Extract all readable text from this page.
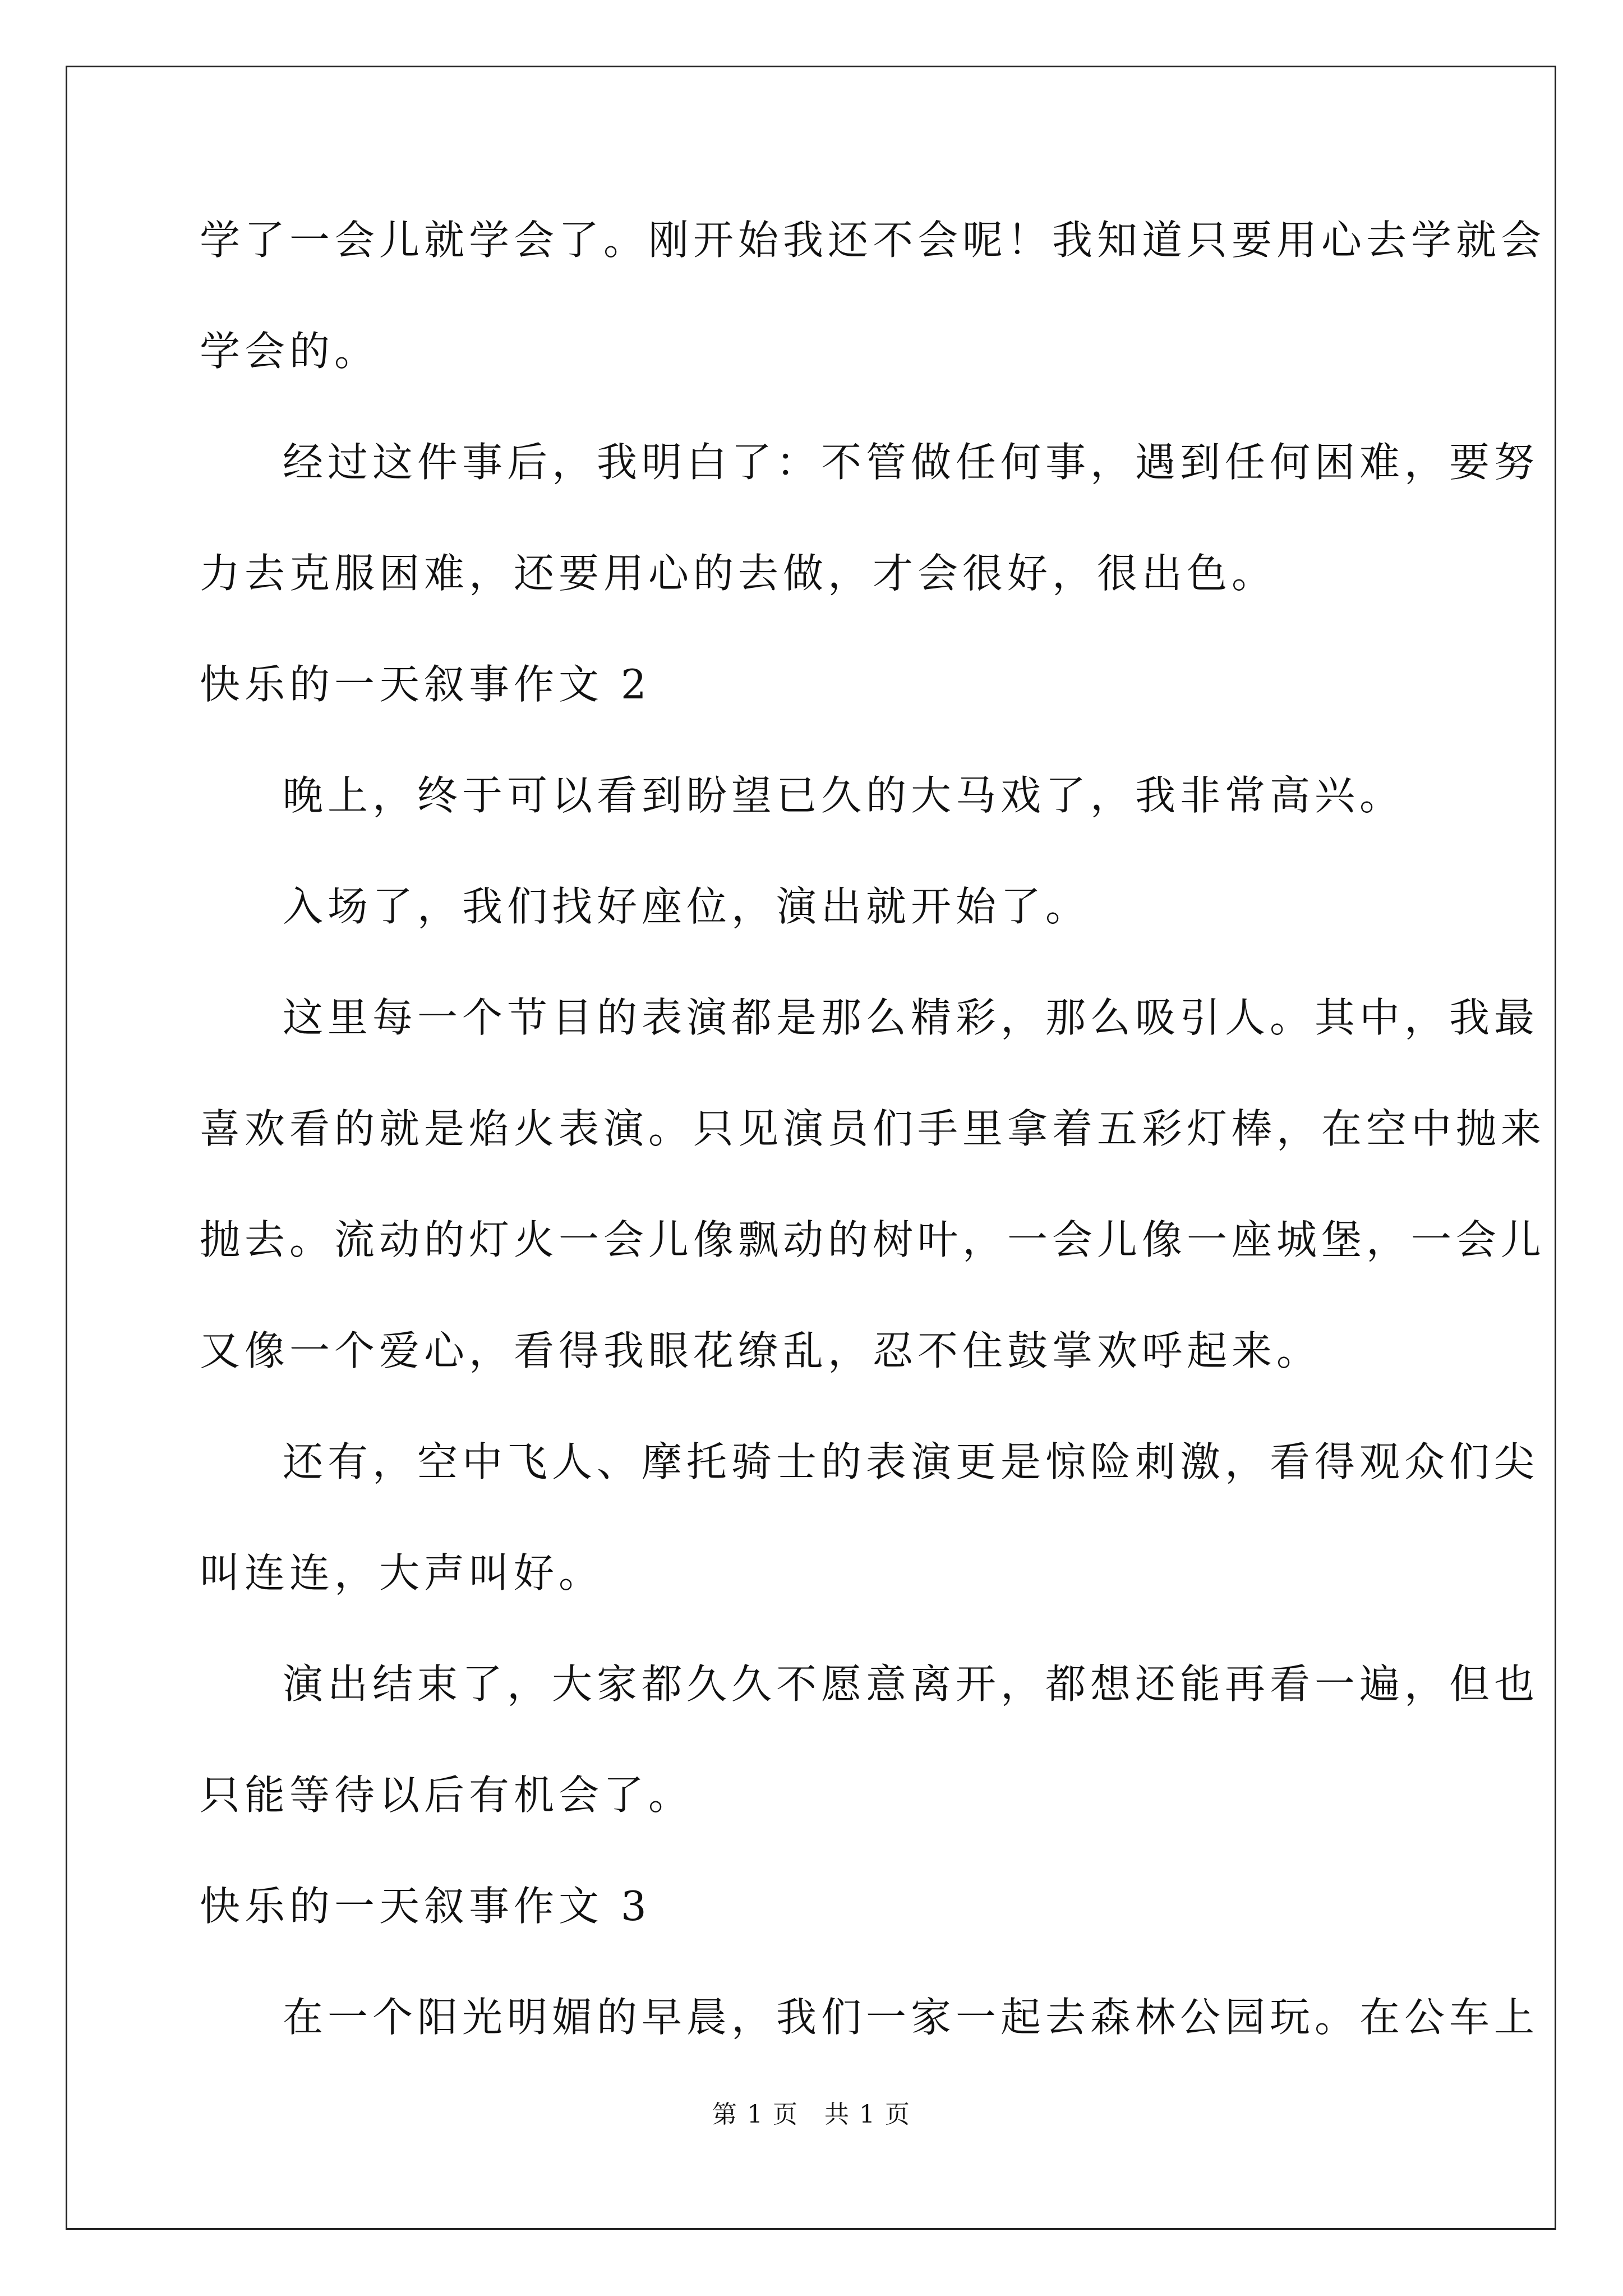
学了一会儿就学会了。刚开始我还不会呢！我知道只要用心去学就会
学会的。
经过这件事后，我明白了：不管做任何事，遇到任何困难，要努
力去克服困难，还要用心的去做，才会很好，很出色。
快乐的一天叙事作文 2
晚上，终于可以看到盼望已久的大马戏了，我非常高兴。
入场了，我们找好座位，演出就开始了。
这里每一个节目的表演都是那么精彩，那么吸引人。其中，我最
喜欢看的就是焰火表演。只见演员们手里拿着五彩灯棒，在空中抛来
抛去。流动的灯火一会儿像飘动的树叶，一会儿像一座城堡，一会儿
又像一个爱心，看得我眼花缭乱，忍不住鼓掌欢呼起来。
还有，空中飞人、摩托骑士的表演更是惊险刺激，看得观众们尖
叫连连，大声叫好。
演出结束了，大家都久久不愿意离开，都想还能再看一遍，但也
只能等待以后有机会了。
快乐的一天叙事作文 3
在一个阳光明媚的早晨，我们一家一起去森林公园玩。在公车上
第 1 页　共 1 页
